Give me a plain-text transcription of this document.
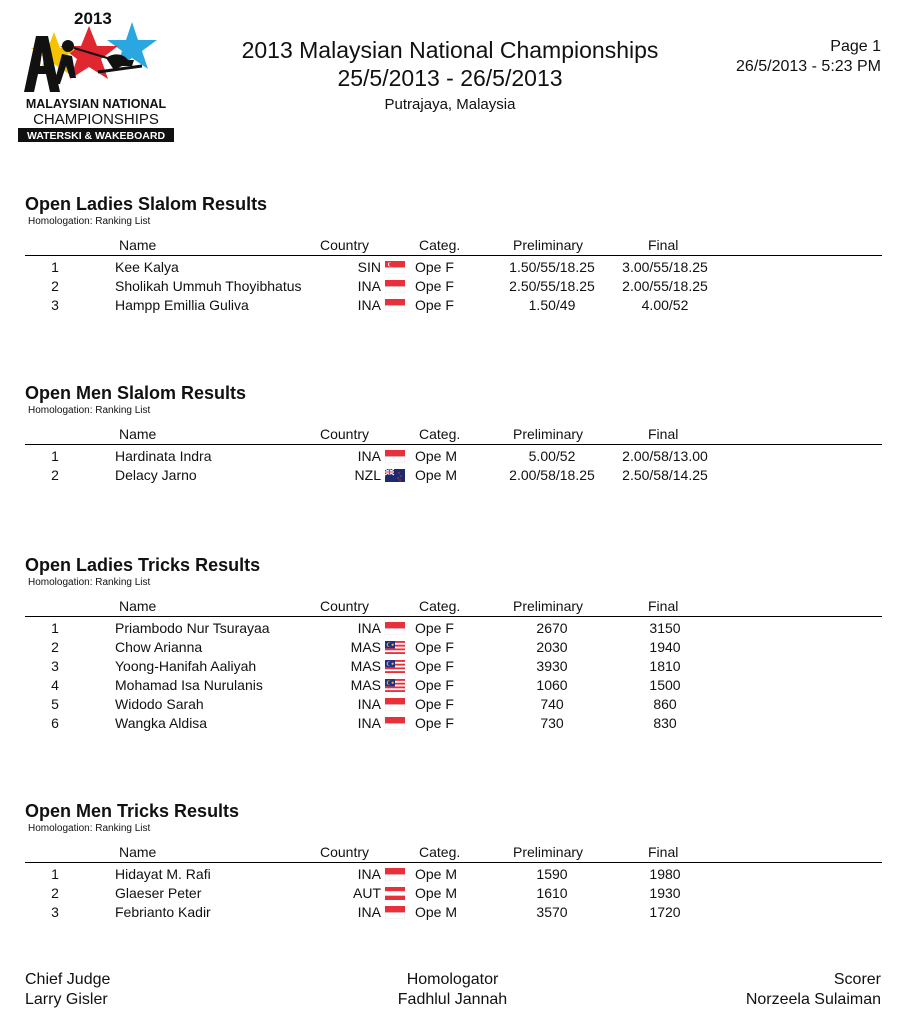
2013
MALAYSIAN NATIONAL
CHAMPIONSHIPS
WATERSKI & WAKEBOARD
2013 Malaysian National Championships
25/5/2013 - 26/5/2013
Putrajaya, Malaysia
Page 1
26/5/2013 - 5:23 PM
Open Ladies Slalom Results
Homologation: Ranking List
Name	Country	Categ.	Preliminary	Final
1	Kee Kalya	SIN Ope F	1.50/55/18.25	3.00/55/18.25
2	Sholikah Ummuh Thoyibhatus	INA Ope F	2.50/55/18.25	2.00/55/18.25
3	Hampp Emillia Guliva	INA Ope F	1.50/49	4.00/52
Open Men Slalom Results
Homologation: Ranking List
Name	Country	Categ.	Preliminary	Final
1	Hardinata Indra	INA Ope M	5.00/52	2.00/58/13.00
2	Delacy Jarno	NZL Ope M	2.00/58/18.25	2.50/58/14.25
Open Ladies Tricks Results
Homologation: Ranking List
Name	Country	Categ.	Preliminary	Final
1	Priambodo Nur Tsurayaa	INA Ope F	2670	3150
2	Chow Arianna	MAS Ope F	2030	1940
3	Yoong-Hanifah Aaliyah	MAS Ope F	3930	1810
4	Mohamad Isa Nurulanis	MAS Ope F	1060	1500
5	Widodo Sarah	INA Ope F	740	860
6	Wangka Aldisa	INA Ope F	730	830
Open Men Tricks Results
Homologation: Ranking List
Name	Country	Categ.	Preliminary	Final
1	Hidayat M. Rafi	INA Ope M	1590	1980
2	Glaeser Peter	AUT Ope M	1610	1930
3	Febrianto Kadir	INA Ope M	3570	1720
Chief Judge
Larry Gisler
Homologator
Fadhlul Jannah
Scorer
Norzeela Sulaiman
